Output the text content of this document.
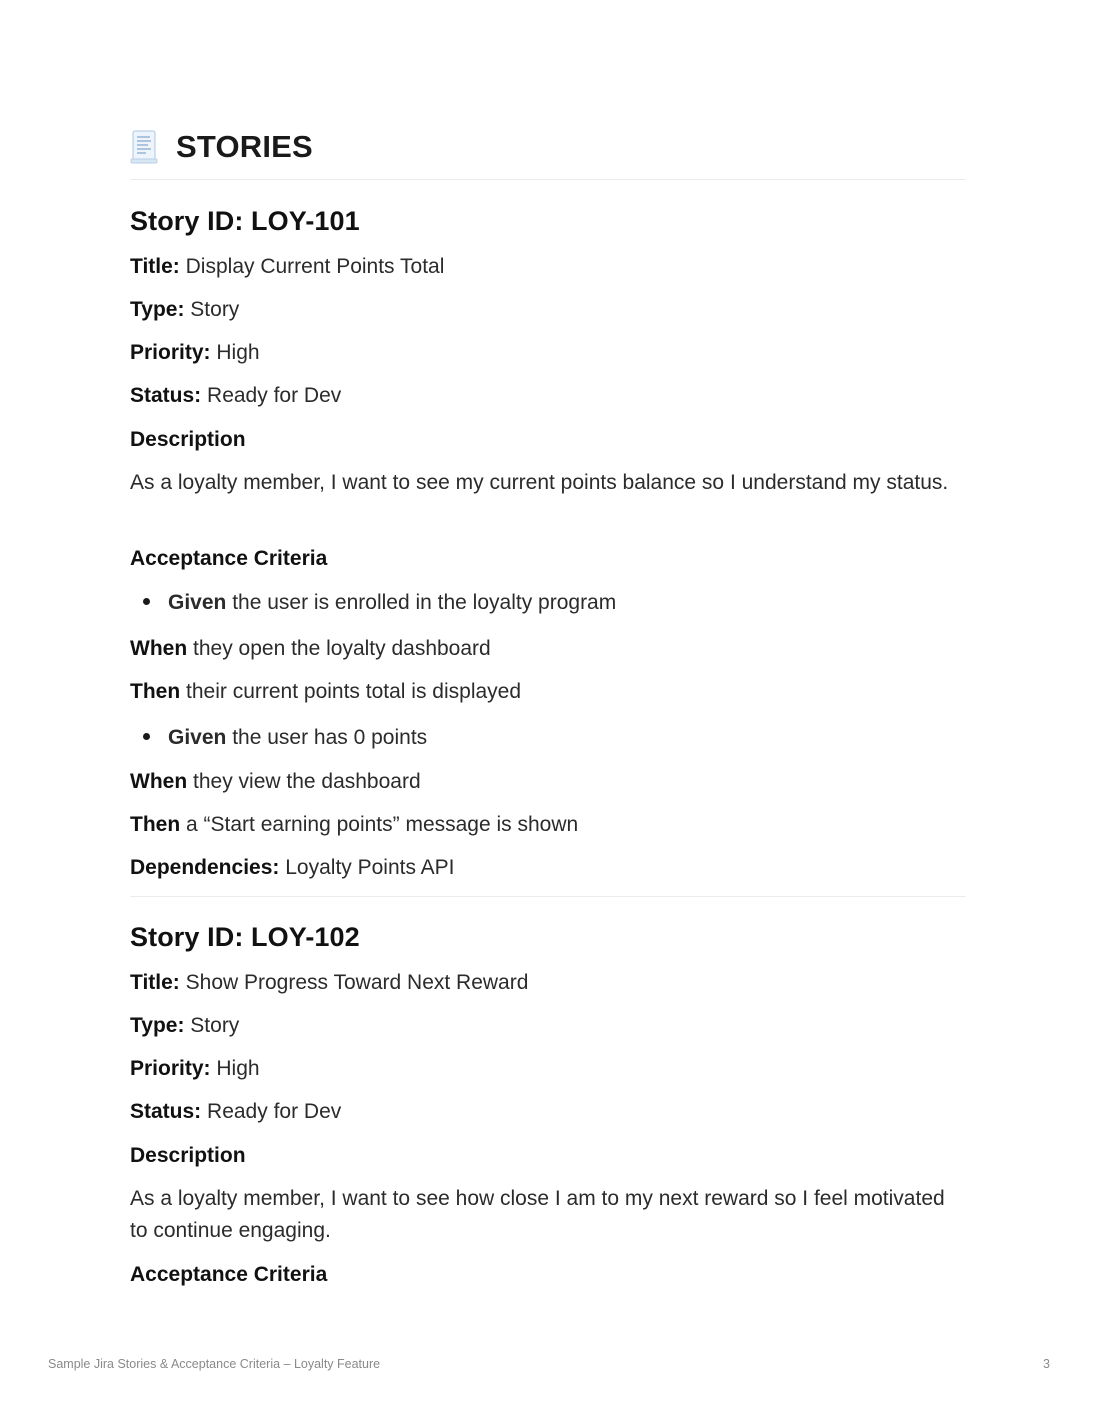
STORIES
Story ID: LOY-101
Title: Display Current Points Total
Type: Story
Priority: High
Status: Ready for Dev
Description
As a loyalty member, I want to see my current points balance so I understand my status.
Acceptance Criteria
Given the user is enrolled in the loyalty program
When they open the loyalty dashboard
Then their current points total is displayed
Given the user has 0 points
When they view the dashboard
Then a “Start earning points” message is shown
Dependencies: Loyalty Points API
Story ID: LOY-102
Title: Show Progress Toward Next Reward
Type: Story
Priority: High
Status: Ready for Dev
Description
As a loyalty member, I want to see how close I am to my next reward so I feel motivated to continue engaging.
Acceptance Criteria
Sample Jira Stories & Acceptance Criteria – Loyalty Feature	3
